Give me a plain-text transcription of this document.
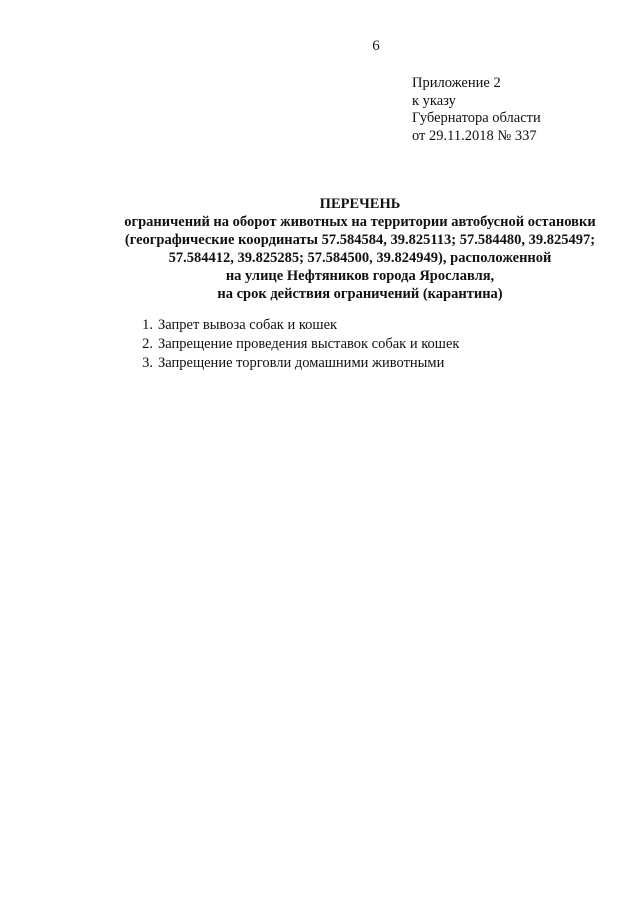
6
Приложение 2
к указу
Губернатора области
от 29.11.2018 № 337
ПЕРЕЧЕНЬ
ограничений на оборот животных на территории автобусной остановки
(географические координаты 57.584584, 39.825113; 57.584480, 39.825497;
57.584412, 39.825285; 57.584500, 39.824949), расположенной
на улице Нефтяников города Ярославля,
на срок действия ограничений (карантина)
1. Запрет вывоза собак и кошек
2. Запрещение проведения выставок собак и кошек
3. Запрещение торговли домашними животными
